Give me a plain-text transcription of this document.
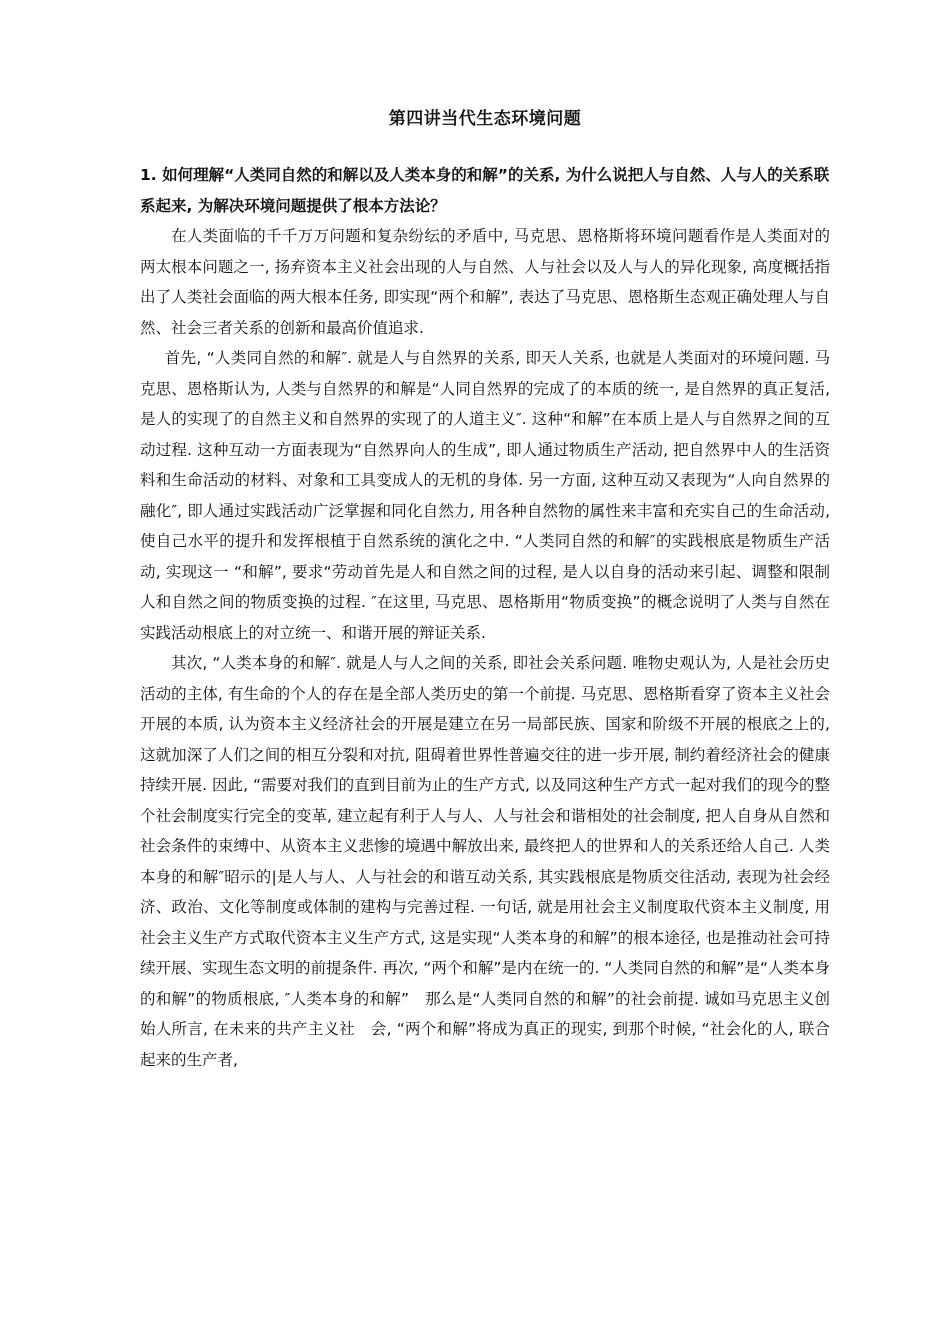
第四讲当代生态环境问题

1. 如何理解“人类同自然的和解以及人类本身的和解”的关系, 为什么说把人与自然、人与人的关系联系起来, 为解决环境问题提供了根本方法论？

在人类面临的千千万万问题和复杂纷纭的矛盾中, 马克思、恩格斯将环境问题看作是人类面对的两太根本问题之一, 扬弃资本主义社会出现的人与自然、人与社会以及人与人的异化现象, 高度概括指出了人类社会面临的两大根本任务, 即实现“两个和解”, 表达了马克思、恩格斯生态观正确处理人与自然、社会三者关系的创新和最高价值追求.

首先, “人类同自然的和解″. 就是人与自然界的关系, 即天人关系, 也就是人类面对的环境问题. 马克思、恩格斯认为, 人类与自然界的和解是“人同自然界的完成了的本质的统一, 是自然界的真正复活, 是人的实现了的自然主义和自然界的实现了的人道主义″. 这种“和解”在本质上是人与自然界之间的互动过程. 这种互动一方面表现为“自然界向人的生成”, 即人通过物质生产活动, 把自然界中人的生活资料和生命活动的材料、对象和工具变成人的无机的身体. 另一方面, 这种互动又表现为“人向自然界的融化″, 即人通过实践活动广泛掌握和同化自然力, 用各种自然物的属性来丰富和充实自己的生命活动, 使自己水平的提升和发挥根植于自然系统的演化之中. “人类同自然的和解″的实践根底是物质生产活动, 实现这一 “和解”, 要求“劳动首先是人和自然之间的过程, 是人以自身的活动来引起、调整和限制人和自然之间的物质变换的过程. ″在这里, 马克思、恩格斯用“物质变换”的概念说明了人类与自然在实践活动根底上的对立统一、和谐开展的辩证关系.

其次, “人类本身的和解″. 就是人与人之间的关系, 即社会关系问题. 唯物史观认为, 人是社会历史活动的主体, 有生命的个人的存在是全部人类历史的第一个前提. 马克思、恩格斯看穿了资本主义社会开展的本质, 认为资本主义经济社会的开展是建立在另一局部民族、国家和阶级不开展的根底之上的, 这就加深了人们之间的相互分裂和对抗, 阻碍着世界性普遍交往的进一步开展, 制约着经济社会的健康持续开展. 因此, “需要对我们的直到目前为止的生产方式, 以及同这种生产方式一起对我们的现今的整个社会制度实行完全的变革, 建立起有利于人与人、人与社会和谐相处的社会制度, 把人自身从自然和社会条件的束缚中、从资本主义悲惨的境遇中解放出来, 最终把人的世界和人的关系还给人自己. 人类本身的和解″昭示的|是人与人、人与社会的和谐互动关系, 其实践根底是物质交往活动, 表现为社会经济、政治、文化等制度或体制的建构与完善过程. 一句话, 就是用社会主义制度取代资本主义制度, 用社会主义生产方式取代资本主义生产方式, 这是实现“人类本身的和解”的根本途径, 也是推动社会可持续开展、实现生态文明的前提条件. 再次, “两个和解”是内在统一的. “人类同自然的和解”是“人类本身的和解”的物质根底, ″人类本身的和解”　那么是“人类同自然的和解”的社会前提. 诚如马克思主义创始人所言, 在未来的共产主义社　会, “两个和解”将成为真正的现实, 到那个时候, “社会化的人, 联合起来的生产者,
